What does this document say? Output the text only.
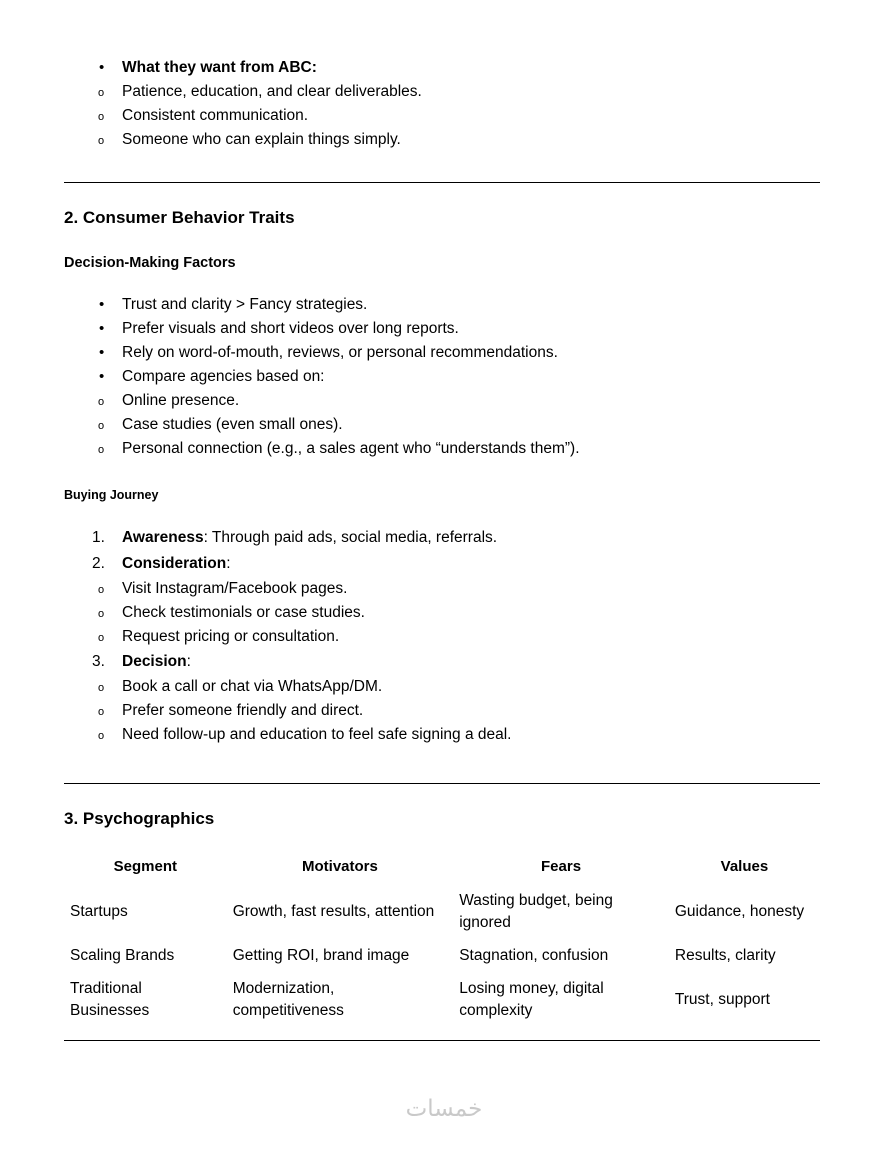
• What they want from ABC:
o Patience, education, and clear deliverables.
o Consistent communication.
o Someone who can explain things simply.
2. Consumer Behavior Traits
Decision-Making Factors
• Trust and clarity > Fancy strategies.
• Prefer visuals and short videos over long reports.
• Rely on word-of-mouth, reviews, or personal recommendations.
• Compare agencies based on:
o Online presence.
o Case studies (even small ones).
o Personal connection (e.g., a sales agent who “understands them”).
Buying Journey
1.	Awareness: Through paid ads, social media, referrals.
2.	Consideration:
o Visit Instagram/Facebook pages.
o Check testimonials or case studies.
o Request pricing or consultation.
3.	Decision:
o Book a call or chat via WhatsApp/DM.
o Prefer someone friendly and direct.
o Need follow-up and education to feel safe signing a deal.
3. Psychographics
Segment	Motivators	Fears	Values
Startups	Growth, fast results, attention	Wasting budget, being ignored	Guidance, honesty
Scaling Brands	Getting ROI, brand image	Stagnation, confusion	Results, clarity
Traditional Businesses	Modernization, competitiveness	Losing money, digital complexity	Trust, support
خمسات
